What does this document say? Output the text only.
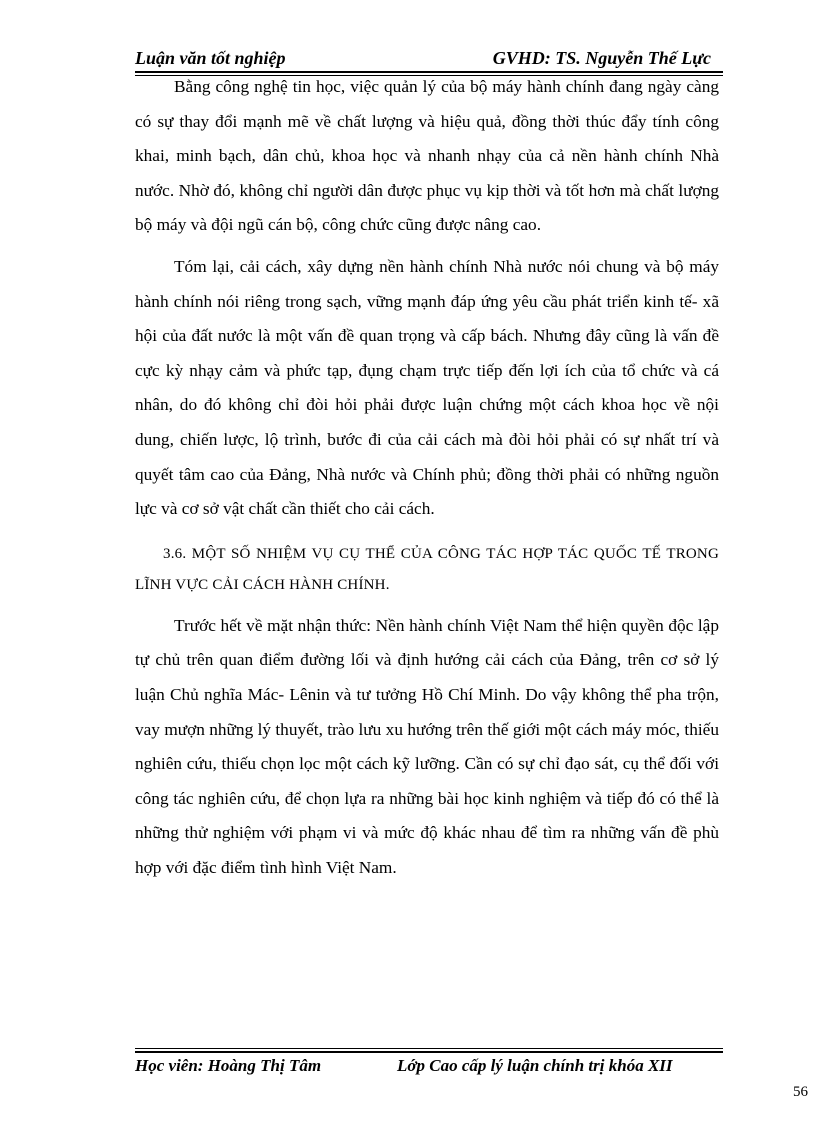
Luận văn tốt nghiệp	GVHD: TS. Nguyễn Thế Lực

Bằng công nghệ tin học, việc quản lý của bộ máy hành chính đang ngày càng có sự thay đổi mạnh mẽ về chất lượng và hiệu quả, đồng thời thúc đẩy tính công khai, minh bạch, dân chủ, khoa học và nhanh nhạy của cả nền hành chính Nhà nước. Nhờ đó, không chỉ người dân được phục vụ kịp thời và tốt hơn mà chất lượng bộ máy và đội ngũ cán bộ, công chức cũng được nâng cao.

Tóm lại, cải cách, xây dựng nền hành chính Nhà nước nói chung và bộ máy hành chính nói riêng trong sạch, vững mạnh đáp ứng yêu cầu phát triển kinh tế- xã hội của đất nước là một vấn đề quan trọng và cấp bách. Nhưng đây cũng là vấn đề cực kỳ nhạy cảm và phức tạp, đụng chạm trực tiếp đến lợi ích của tổ chức và cá nhân, do đó không chỉ đòi hỏi phải được luận chứng một cách khoa học về nội dung, chiến lược, lộ trình, bước đi của cải cách mà đòi hỏi phải có sự nhất trí và quyết tâm cao của Đảng, Nhà nước và Chính phủ; đồng thời phải có những nguồn lực và cơ sở vật chất cần thiết cho cải cách.

3.6. MỘT SỐ NHIỆM VỤ CỤ THỂ CỦA CÔNG TÁC HỢP TÁC QUỐC TẾ TRONG LĨNH VỰC CẢI CÁCH HÀNH CHÍNH.

Trước hết về mặt nhận thức: Nền hành chính Việt Nam thể hiện quyền độc lập tự chủ trên quan điểm đường lối và định hướng cải cách của Đảng, trên cơ sở lý luận Chủ nghĩa Mác- Lênin và tư tưởng Hồ Chí Minh. Do vậy không thể pha trộn, vay mượn những lý thuyết, trào lưu xu hướng trên thế giới một cách máy móc, thiếu nghiên cứu, thiếu chọn lọc một cách kỹ lưỡng. Cần có sự chỉ đạo sát, cụ thể đối với công tác nghiên cứu, để chọn lựa ra những bài học kinh nghiệm và tiếp đó có thể là những thử nghiệm với phạm vi và mức độ khác nhau để tìm ra những vấn đề phù hợp với đặc điểm tình hình Việt Nam.

Học viên: Hoàng Thị Tâm	Lớp Cao cấp lý luận chính trị khóa XII
56
